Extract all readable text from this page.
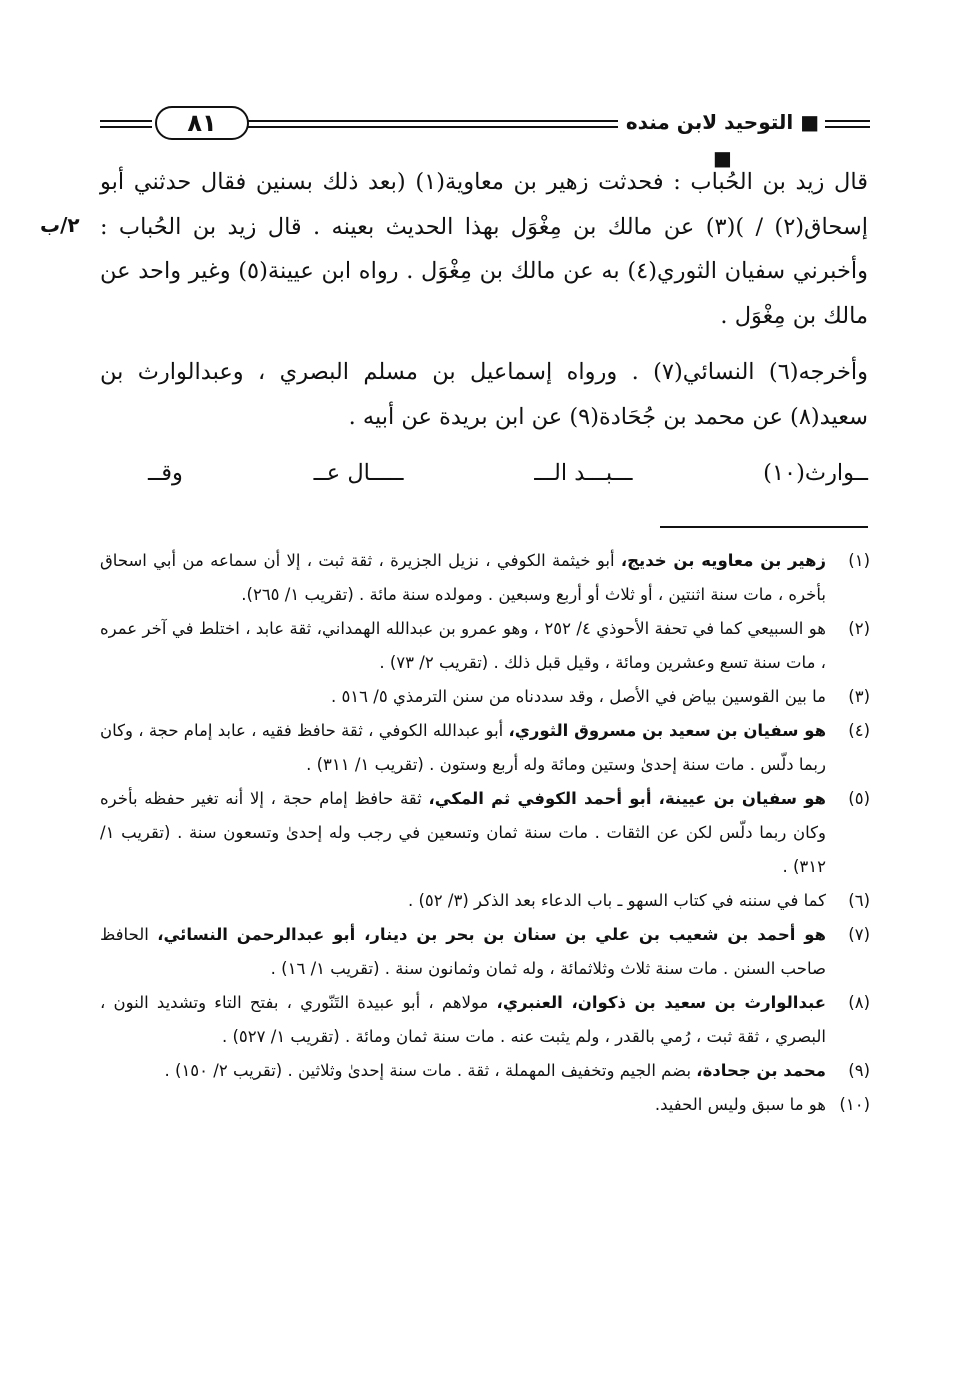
٨١	■ التوحيد لابن منده ■
٢/ب

قال زيد بن الحُباب : فحدثت زهير بن معاوية(١) (بعد ذلك بسنين فقال حدثني أبو إسحاق(٢) / )(٣) عن مالك بن مِغْوَل بهذا الحديث بعينه . قال زيد بن الحُباب : وأخبرني سفيان الثوري(٤) به عن مالك بن مِغْوَل . رواه ابن عيينة(٥) وغير واحد عن مالك بن مِغْوَل .

وأخرجه(٦) النسائي(٧) . ورواه إسماعيل بن مسلم البصري ، وعبدالوارث بن سعيد(٨) عن محمد بن جُحَادة(٩) عن ابن بريدة عن أبيه .

وقــ	ـــــال عــ	ـــبـــد الـــ	ــوارث(١٠)

(١)زهير بن معاويه بن خديج، أبو خيثمة الكوفي ، نزيل الجزيرة ، ثقة ثبت ، إلا أن سماعه من أبي اسحاق بأخره ، مات سنة اثنتين ، أو ثلاث أو أربع وسبعين . ومولده سنة مائة . (تقريب ١/ ٢٦٥).

(٢)هو السبيعي كما في تحفة الأحوذي ٤/ ٢٥٢ ، وهو عمرو بن عبدالله الهمداني، ثقة عابد ، اختلط في آخر عمره ، مات سنة تسع وعشرين ومائة ، وقيل قبل ذلك . (تقريب ٢/ ٧٣) .

(٣)ما بين القوسين بياض في الأصل ، وقد سددناه من سنن الترمذي ٥/ ٥١٦ .

(٤)هو سفيان بن سعيد بن مسروق الثوري، أبو عبدالله الكوفي ، ثقة حافظ فقيه ، عابد إمام حجة ، وكان ربما دلّس . مات سنة إحدىٰ وستين ومائة وله أربع وستون . (تقريب ١/ ٣١١) .

(٥)هو سفيان بن عيينة، أبو أحمد الكوفي ثم المكي، ثقة حافظ إمام حجة ، إلا أنه تغير حفظه بأخره وكان ربما دلّس لكن عن الثقات . مات سنة ثمان وتسعين في رجب وله إحدىٰ وتسعون سنة . (تقريب ١/ ٣١٢) .

(٦)كما في سننه في كتاب السهو ـ باب الدعاء بعد الذكر (٣/ ٥٢) .

(٧)هو أحمد بن شعيب بن علي بن سنان بن بحر بن دينار، أبو عبدالرحمن النسائي، الحافظ صاحب السنن . مات سنة ثلاث وثلاثمائة ، وله ثمان وثمانون سنة . (تقريب ١/ ١٦) .

(٨)عبدالوارث بن سعيد بن ذكوان، العنبري، مولاهم ، أبو عبيدة التَنّوري ، بفتح التاء وتشديد النون ، البصري ، ثقة ثبت ، رُمي بالقدر ، ولم يثبت عنه . مات سنة ثمان ومائة . (تقريب ١/ ٥٢٧) .

(٩)محمد بن جحادة، بضم الجيم وتخفيف المهملة ، ثقة . مات سنة إحدىٰ وثلاثين . (تقريب ٢/ ١٥٠) .

(١٠)هو ما سبق وليس الحفيد.
